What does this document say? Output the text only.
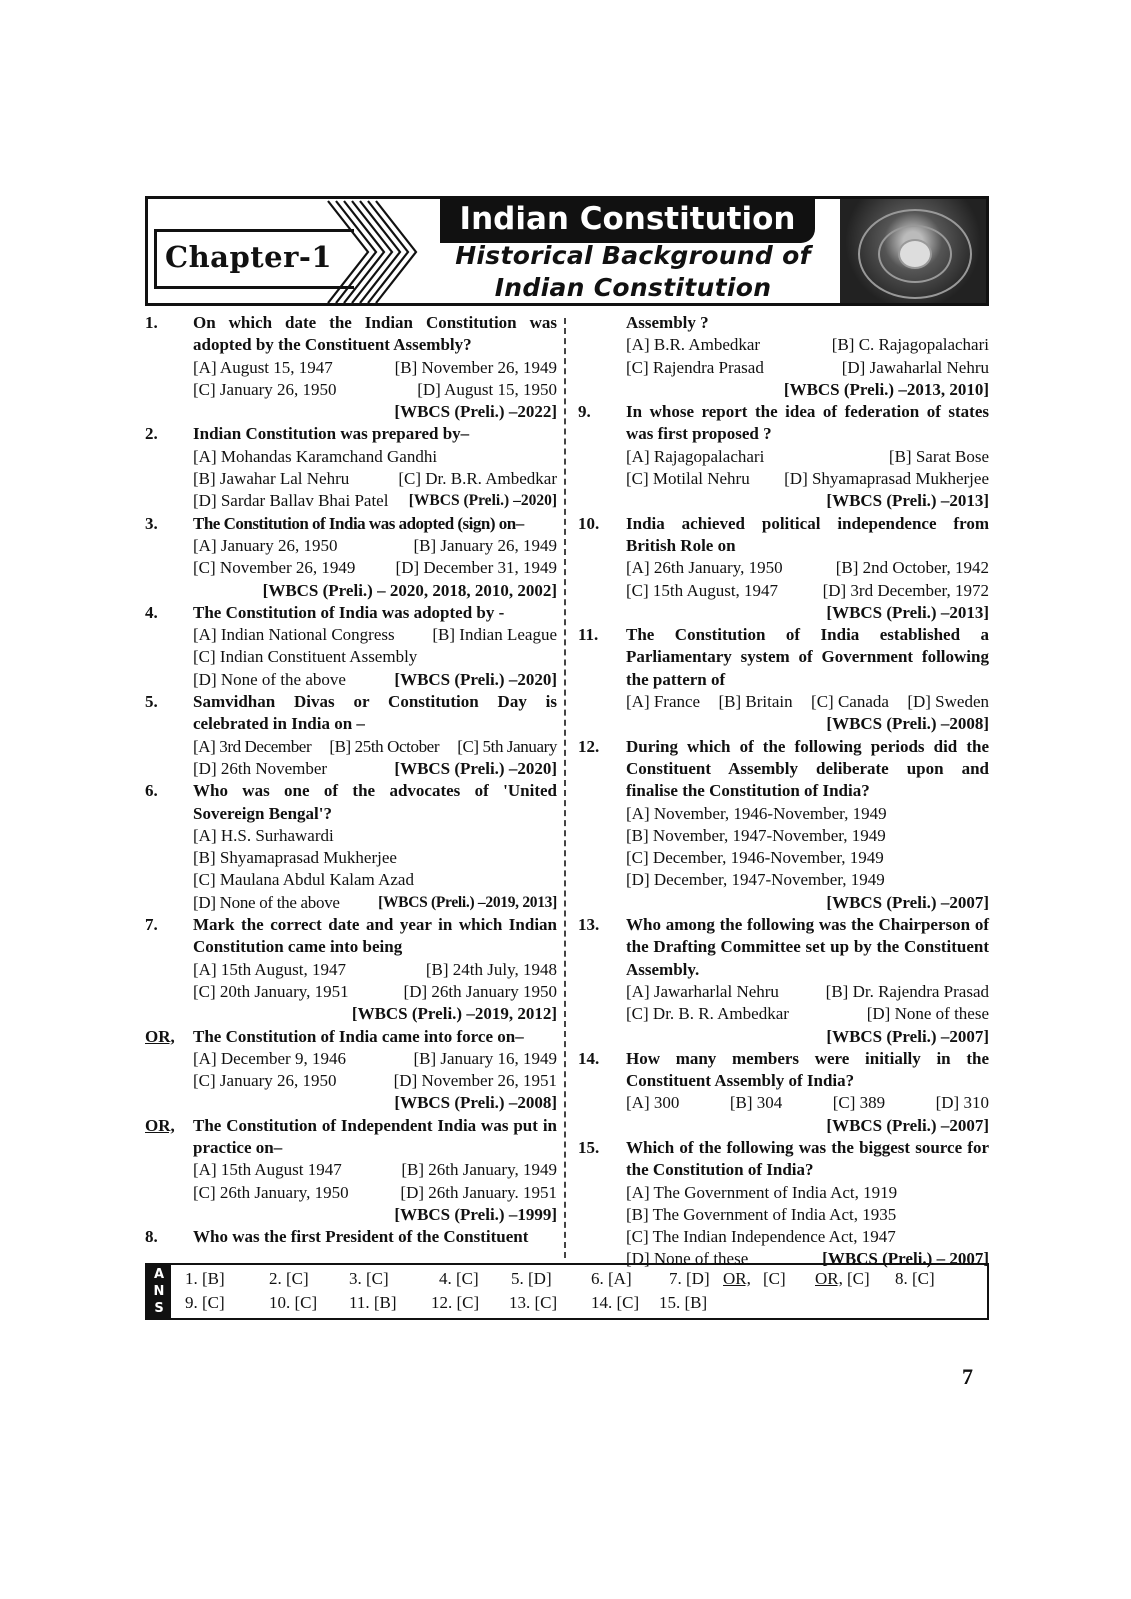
Chapter-1
Indian Constitution
Historical Background of
Indian Constitution
1. On which date the Indian Constitution was adopted by the Constituent Assembly?
[A] August 15, 1947	[B] November 26, 1949
[C] January 26, 1950	[D] August 15, 1950
[WBCS (Preli.) –2022]
2. Indian Constitution was prepared by–
[A] Mohandas Karamchand Gandhi
[B] Jawahar Lal Nehru	[C] Dr. B.R. Ambedkar
[D] Sardar Ballav Bhai Patel [WBCS (Preli.) –2020]
3. The Constitution of India was adopted (sign) on–
[A] January 26, 1950	[B] January 26, 1949
[C] November 26, 1949 [D] December 31, 1949
[WBCS (Preli.) – 2020, 2018, 2010, 2002]
4. The Constitution of India was adopted by -
[A] Indian National Congress [B] Indian League
[C] Indian Constituent Assembly
[D] None of the above	[WBCS (Preli.) –2020]
5. Samvidhan Divas or Constitution Day is celebrated in India on –
[A] 3rd December [B] 25th October [C] 5th January
[D] 26th November	[WBCS (Preli.) –2020]
6. Who was one of the advocates of 'United Sovereign Bengal'?
[A] H.S. Surhawardi
[B] Shyamaprasad Mukherjee
[C] Maulana Abdul Kalam Azad
[D] None of the above [WBCS (Preli.) –2019, 2013]
7. Mark the correct date and year in which Indian Constitution came into being
[A] 15th August, 1947	[B] 24th July, 1948
[C] 20th January, 1951	[D] 26th January 1950
[WBCS (Preli.) –2019, 2012]
OR, The Constitution of India came into force on–
[A] December 9, 1946	[B] January 16, 1949
[C] January 26, 1950	[D] November 26, 1951
[WBCS (Preli.) –2008]
OR, The Constitution of Independent India was put in practice on–
[A] 15th August 1947	[B] 26th January, 1949
[C] 26th January, 1950	[D] 26th January. 1951
[WBCS (Preli.) –1999]
8. Who was the first President of the Constituent
Assembly ?
[A] B.R. Ambedkar	[B] C. Rajagopalachari
[C] Rajendra Prasad	[D] Jawaharlal Nehru
[WBCS (Preli.) –2013, 2010]
9. In whose report the idea of federation of states was first proposed ?
[A] Rajagopalachari	[B] Sarat Bose
[C] Motilal Nehru [D] Shyamaprasad Mukherjee
[WBCS (Preli.) –2013]
10. India achieved political independence from British Role on
[A] 26th January, 1950	[B] 2nd October, 1942
[C] 15th August, 1947	[D] 3rd December, 1972
[WBCS (Preli.) –2013]
11. The Constitution of India established a Parliamentary system of Government following the pattern of
[A] France [B] Britain [C] Canada [D] Sweden
[WBCS (Preli.) –2008]
12. During which of the following periods did the Constituent Assembly deliberate upon and finalise the Constitution of India?
[A] November, 1946-November, 1949
[B] November, 1947-November, 1949
[C] December, 1946-November, 1949
[D] December, 1947-November, 1949
[WBCS (Preli.) –2007]
13. Who among the following was the Chairperson of the Drafting Committee set up by the Constituent Assembly.
[A] Jawarharlal Nehru	[B] Dr. Rajendra Prasad
[C] Dr. B. R. Ambedkar	[D] None of these
[WBCS (Preli.) –2007]
14. How many members were initially in the Constituent Assembly of India?
[A] 300	[B] 304	[C] 389	[D] 310
[WBCS (Preli.) –2007]
15. Which of the following was the biggest source for the Constitution of India?
[A] The Government of India Act, 1919
[B] The Government of India Act, 1935
[C] The Indian Independence Act, 1947
[D] None of these	[WBCS (Preli.) – 2007]
A
N
S
1. [B]	2. [C] 3. [C]	4. [C] 5. [D] 6. [A] 7. [D] OR, [C] OR, [C] 8. [C]
9. [C]	10. [C] 11. [B] 12. [C] 13. [C] 14. [C] 15. [B]
7
